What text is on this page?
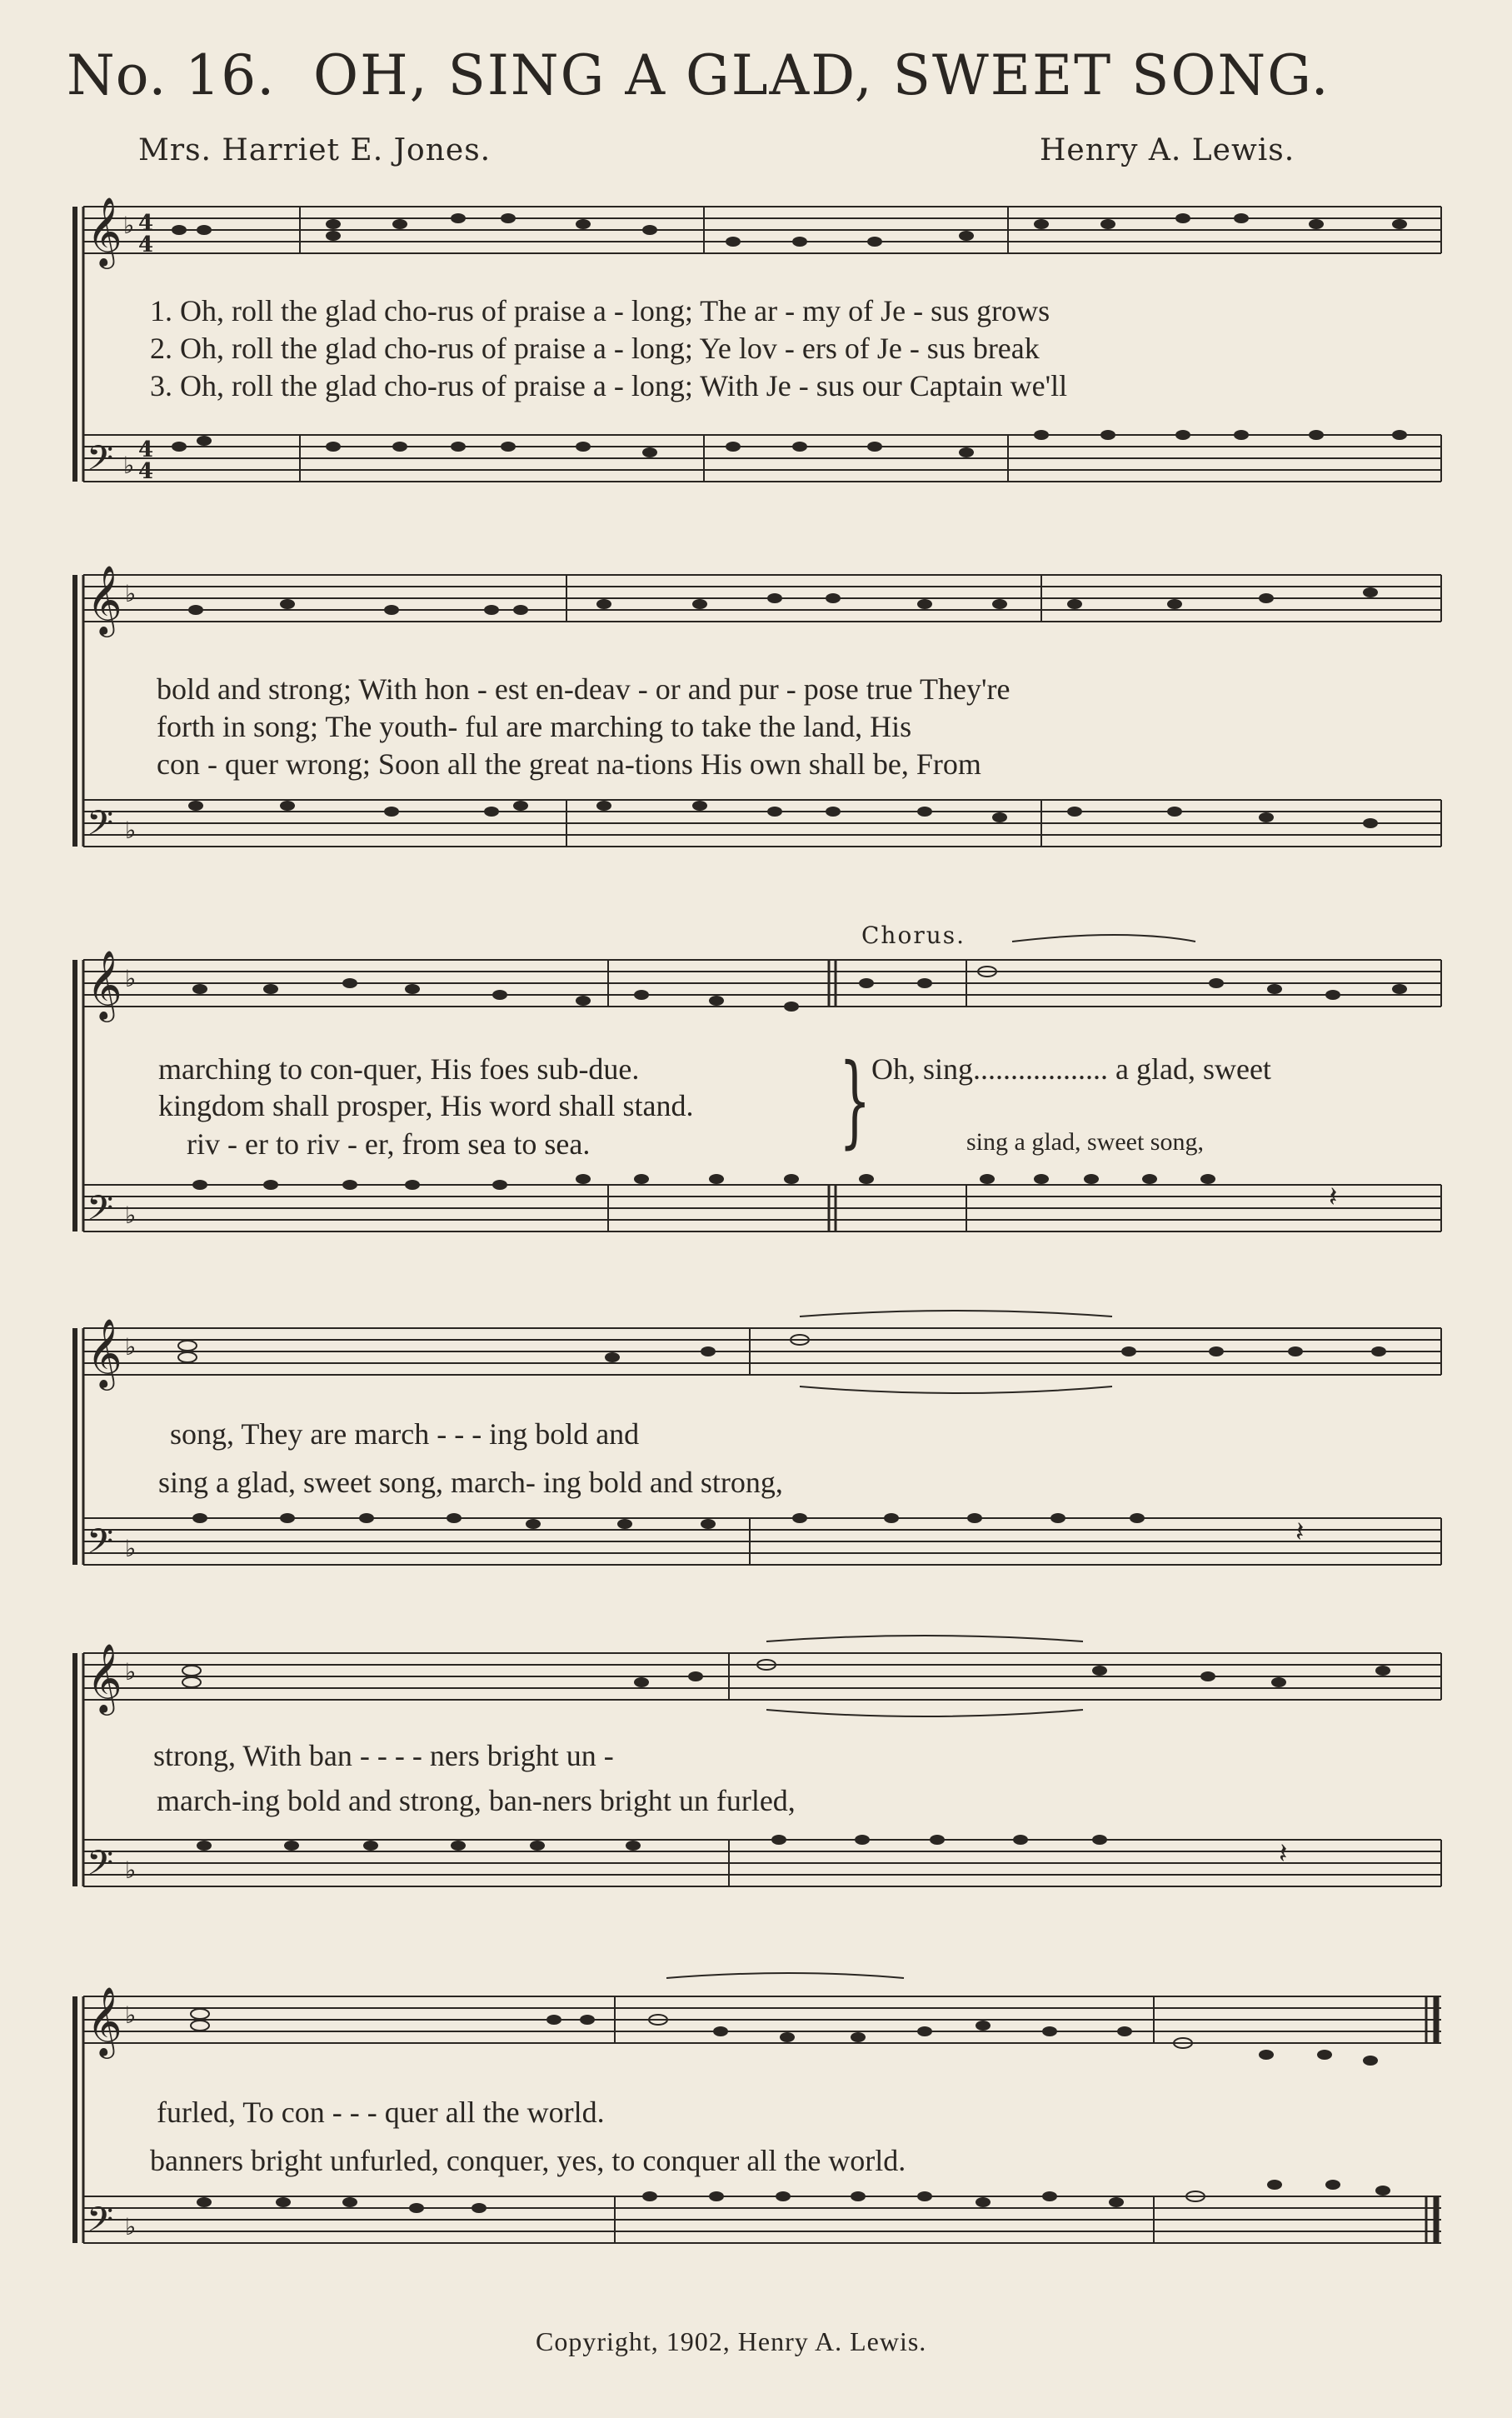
No. 16. OH, SING A GLAD, SWEET SONG.
Mrs. Harriet E. Jones.	Henry A. Lewis.
𝄞
𝄢
♭
♭
4
4
4
4
1. Oh, roll the glad cho-rus of praise a - long; The ar - my of Je - sus grows
2. Oh, roll the glad cho-rus of praise a - long; Ye lov - ers of Je - sus break
3. Oh, roll the glad cho-rus of praise a - long; With Je - sus our Captain we'll
𝄞
𝄢
♭
♭
bold and strong; With hon - est en-deav - or and pur - pose true They're
forth in song; The youth- ful are marching to take the land, His
con - quer wrong; Soon all the great na-tions His own shall be, From
𝄞
𝄢
♭
♭
𝄽
Chorus.
marching to con-quer, His foes sub-due.
kingdom shall prosper, His word shall stand.
riv - er to riv - er, from sea to sea. } Oh, sing.................. a glad, sweet
sing a glad, sweet song,
𝄞
𝄢
♭
♭	𝄽
song, They are march - - - ing bold and
sing a glad, sweet song, march- ing bold and strong,
𝄞
𝄢
♭
♭	𝄽
strong, With ban - - - - ners bright un -
march-ing bold and strong, ban-ners bright un furled,
𝄞
𝄢
♭
♭
furled, To con - - - quer all the world.
banners bright unfurled, conquer, yes, to conquer all the world.
Copyright, 1902, Henry A. Lewis.
